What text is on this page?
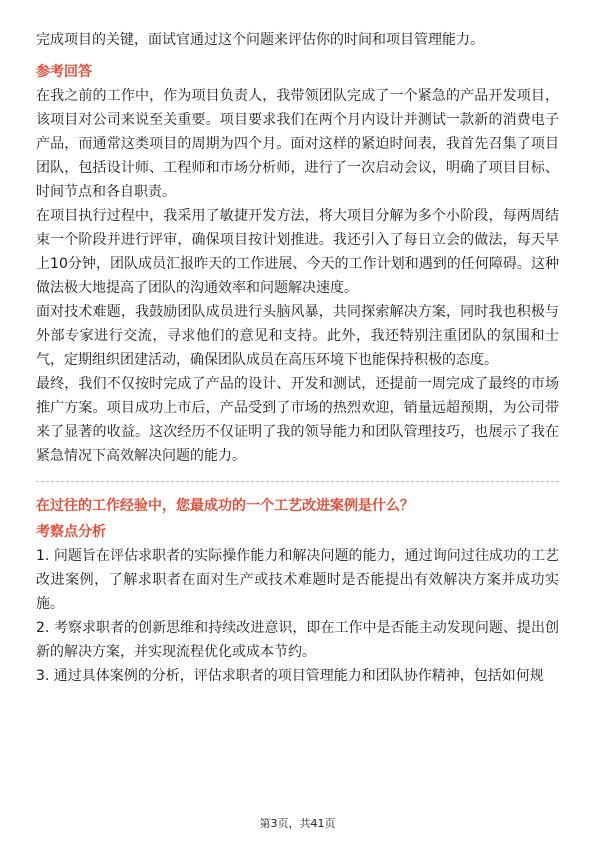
完成项目的关键，面试官通过这个问题来评估你的时间和项目管理能力。

参考回答

在我之前的工作中，作为项目负责人，我带领团队完成了一个紧急的产品开发项目，该项目对公司来说至关重要。项目要求我们在两个月内设计并测试一款新的消费电子产品，而通常这类项目的周期为四个月。面对这样的紧迫时间表，我首先召集了项目团队，包括设计师、工程师和市场分析师，进行了一次启动会议，明确了项目目标、时间节点和各自职责。

在项目执行过程中，我采用了敏捷开发方法，将大项目分解为多个小阶段，每两周结束一个阶段并进行评审，确保项目按计划推进。我还引入了每日立会的做法，每天早上10分钟，团队成员汇报昨天的工作进展、今天的工作计划和遇到的任何障碍。这种做法极大地提高了团队的沟通效率和问题解决速度。

面对技术难题，我鼓励团队成员进行头脑风暴，共同探索解决方案，同时我也积极与外部专家进行交流，寻求他们的意见和支持。此外，我还特别注重团队的氛围和士气，定期组织团建活动，确保团队成员在高压环境下也能保持积极的态度。

最终，我们不仅按时完成了产品的设计、开发和测试，还提前一周完成了最终的市场推广方案。项目成功上市后，产品受到了市场的热烈欢迎，销量远超预期，为公司带来了显著的收益。这次经历不仅证明了我的领导能力和团队管理技巧，也展示了我在紧急情况下高效解决问题的能力。

在过往的工作经验中，您最成功的一个工艺改进案例是什么？

考察点分析

1. 问题旨在评估求职者的实际操作能力和解决问题的能力，通过询问过往成功的工艺改进案例，了解求职者在面对生产或技术难题时是否能提出有效解决方案并成功实施。

2. 考察求职者的创新思维和持续改进意识，即在工作中是否能主动发现问题、提出创新的解决方案，并实现流程优化或成本节约。

3. 通过具体案例的分析，评估求职者的项目管理能力和团队协作精神，包括如何规

第3页，共41页
